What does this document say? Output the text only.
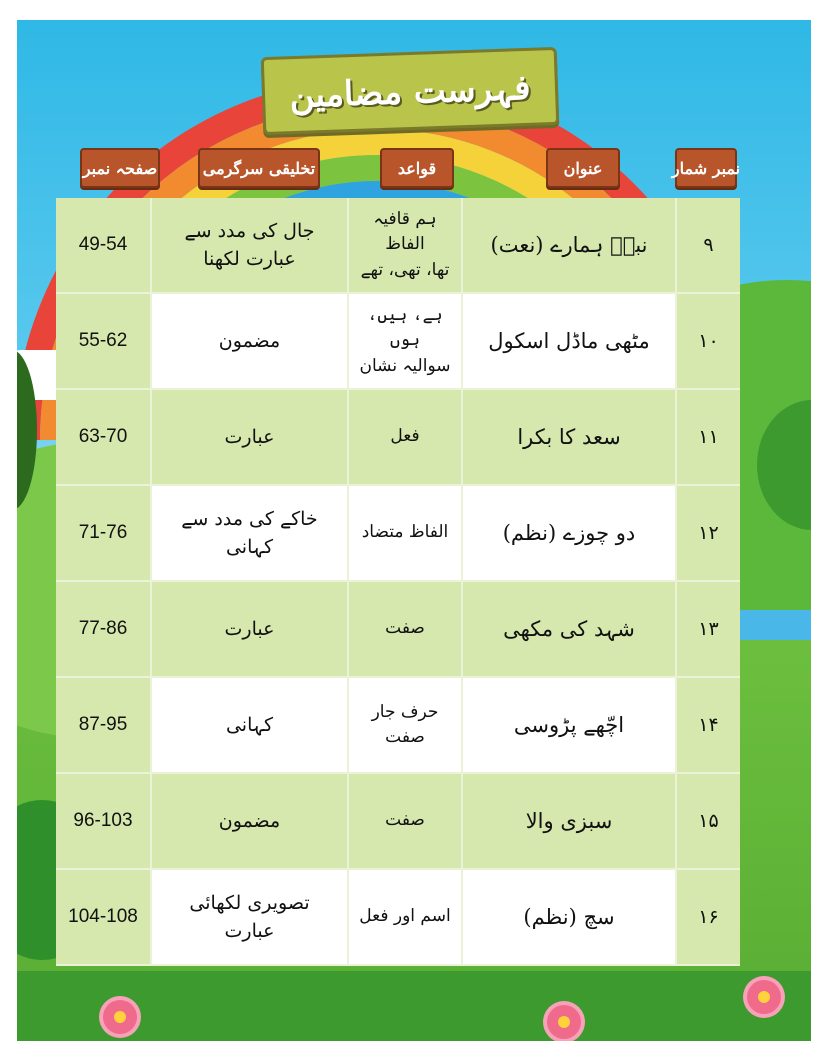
فہرست مضامین
نمبر شمار
عنوان
قواعد
تخلیقی سرگرمی
صفحہ نمبر
۹
نبیؐ ہمارے (نعت)
ہم قافیہ الفاظ
تھا، تھی، تھے
جال کی مدد سے
عبارت لکھنا
49-54
۱۰
مٹھی ماڈل اسکول
ہے، ہیں، ہوں
سوالیہ نشان
مضمون
55-62
۱۱
سعد کا بکرا
فعل
عبارت
63-70
۱۲
دو چوزے (نظم)
الفاظ متضاد
خاکے کی مدد سے کہانی
71-76
۱۳
شہد کی مکھی
صفت
عبارت
77-86
۱۴
اچّھے پڑوسی
حرف جار
صفت
کہانی
87-95
۱۵
سبزی والا
صفت
مضمون
96-103
۱۶
سچ (نظم)
اسم اور فعل
تصویری لکھائی
عبارت
104-108
